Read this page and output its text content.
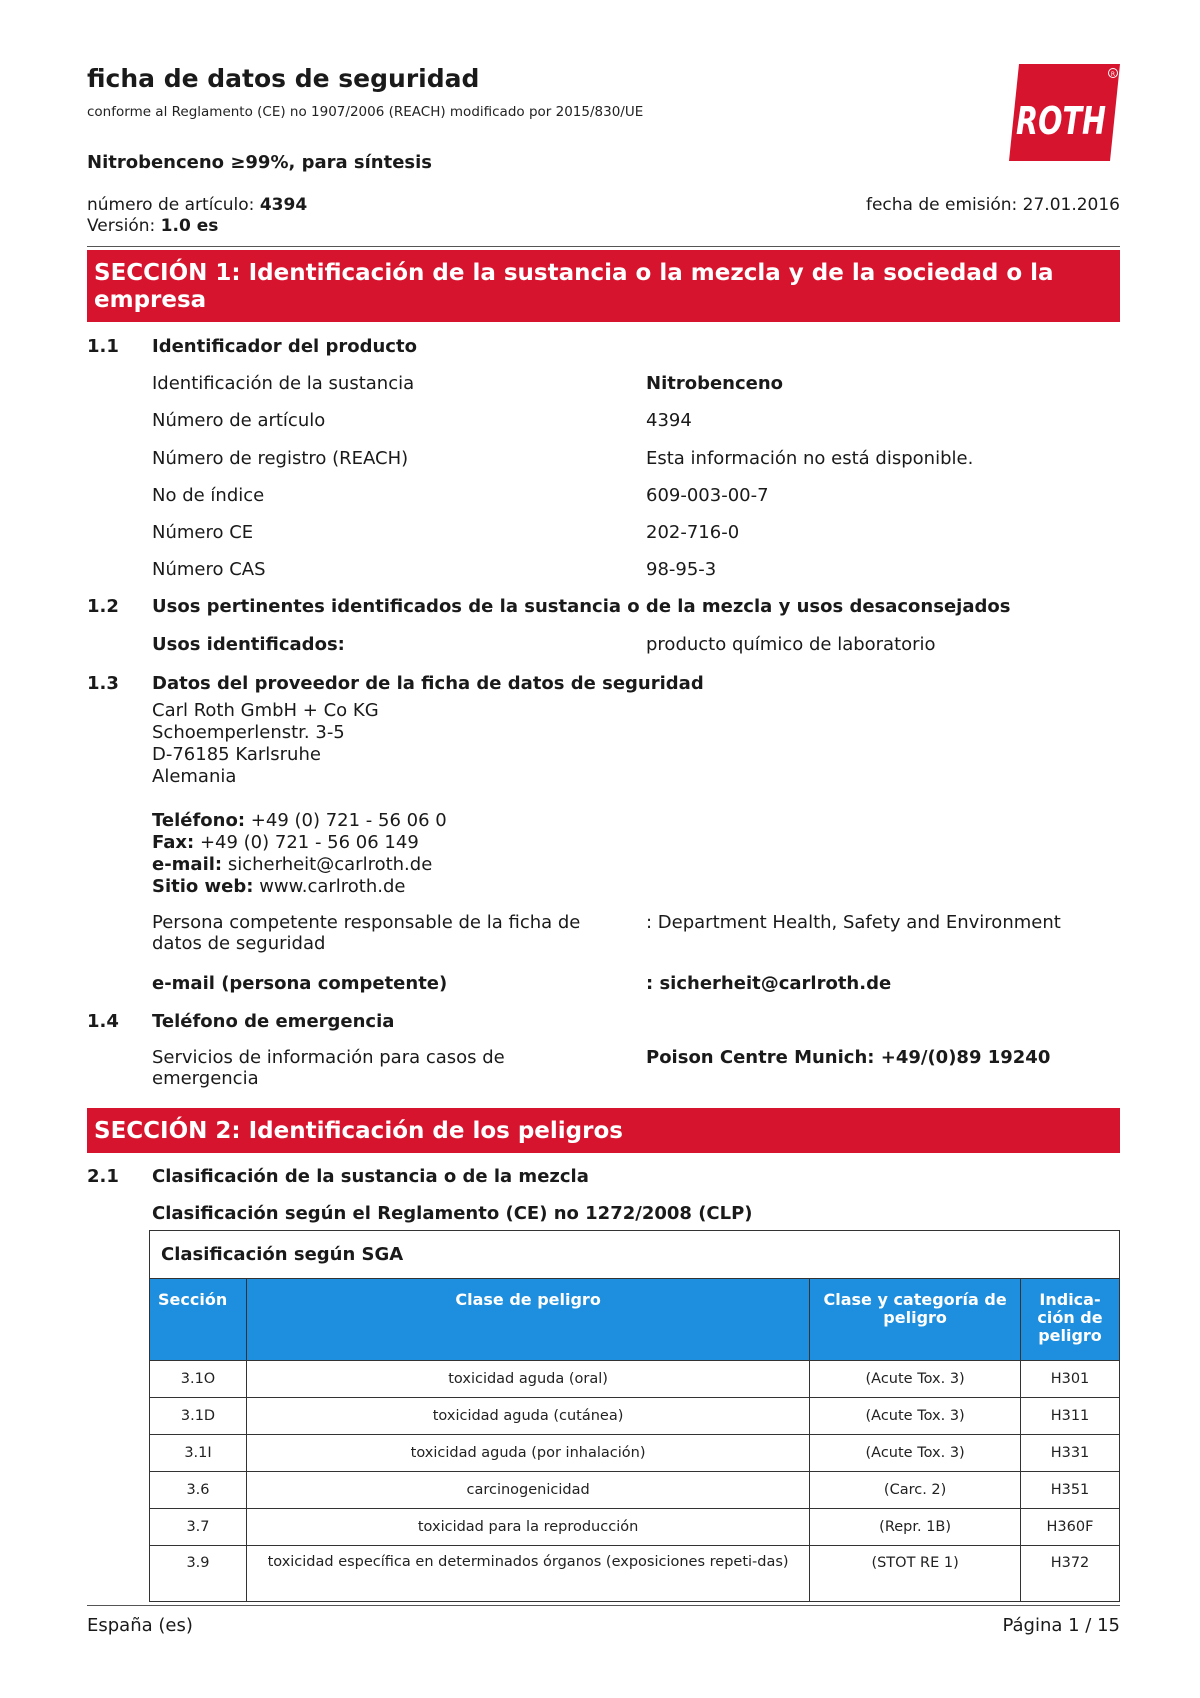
ficha de datos de seguridad
conforme al Reglamento (CE) no 1907/2006 (REACH) modificado por 2015/830/UE
R
ROTH
Nitrobenceno ≥99%, para síntesis
número de artículo: 4394
Versión: 1.0 es
fecha de emisión: 27.01.2016
SECCIÓN 1: Identificación de la sustancia o la mezcla y de la sociedad o la empresa
1.1 Identificador del producto
Identificación de la sustancia	Nitrobenceno
Número de artículo	4394
Número de registro (REACH)	Esta información no está disponible.
No de índice	609-003-00-7
Número CE	202-716-0
Número CAS	98-95-3
1.2 Usos pertinentes identificados de la sustancia o de la mezcla y usos desaconsejados
Usos identificados:	producto químico de laboratorio
1.3 Datos del proveedor de la ficha de datos de seguridad
Carl Roth GmbH + Co KG
Schoemperlenstr. 3-5
D-76185 Karlsruhe
Alemania
Teléfono: +49 (0) 721 - 56 06 0
Fax: +49 (0) 721 - 56 06 149
e-mail: sicherheit@carlroth.de
Sitio web: www.carlroth.de
Persona competente responsable de la ficha de
datos de seguridad
: Department Health, Safety and Environment
e-mail (persona competente)	: sicherheit@carlroth.de
1.4 Teléfono de emergencia
Servicios de información para casos de
emergencia
Poison Centre Munich: +49/(0)89 19240
SECCIÓN 2: Identificación de los peligros
2.1 Clasificación de la sustancia o de la mezcla
Clasificación según el Reglamento (CE) no 1272/2008 (CLP)
Clasificación según SGA			
Sección	Clase de peligro	Clase y categoría de peligro	Indica-ción de peligro
3.1O	toxicidad aguda (oral)	(Acute Tox. 3)	H301
3.1D	toxicidad aguda (cutánea)	(Acute Tox. 3)	H311
3.1I	toxicidad aguda (por inhalación)	(Acute Tox. 3)	H331
3.6	carcinogenicidad	(Carc. 2)	H351
3.7	toxicidad para la reproducción	(Repr. 1B)	H360F
3.9	toxicidad específica en determinados órganos (exposiciones repeti-das)	(STOT RE 1)	H372
España (es)	Página 1 / 15
